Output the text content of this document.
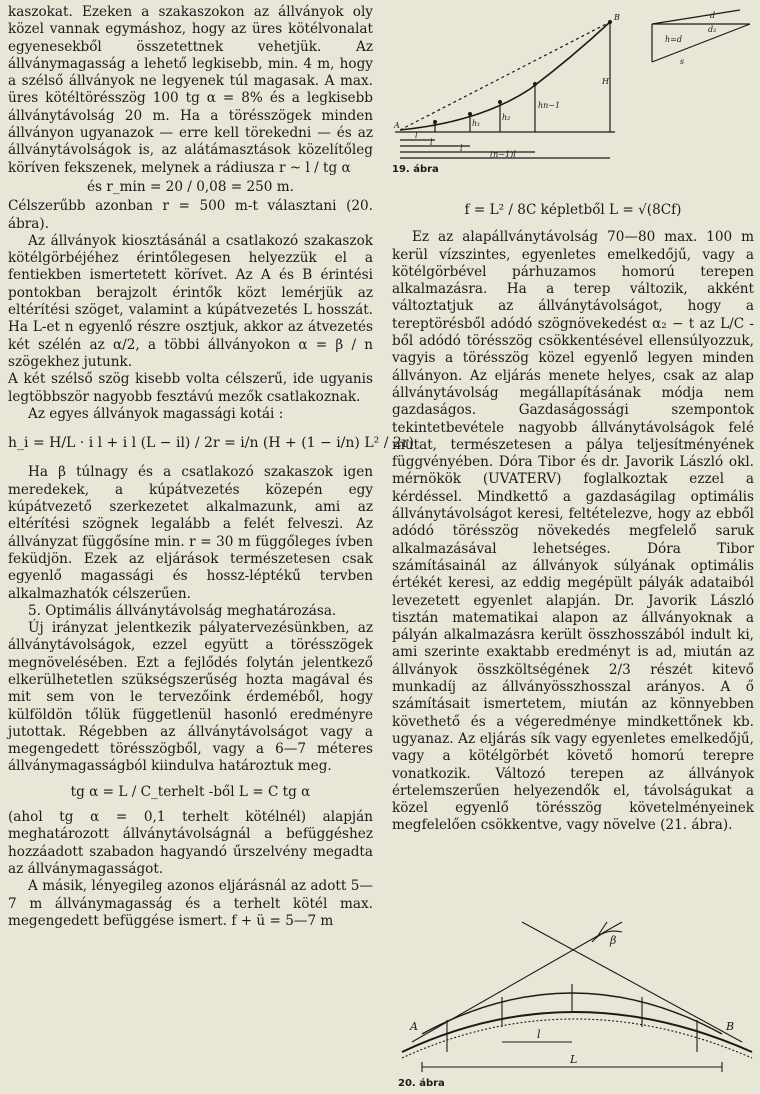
kaszokat. Ezeken a szakaszokon az állványok oly közel vannak egymáshoz, hogy az üres kötélvonalat egyenesekből összetettnek vehetjük. Az állványmagasság a lehető legkisebb, min. 4 m, hogy a szélső állványok ne legyenek túl magasak. A max. üres kötéltörésszög 100 tg α = 8% és a legkisebb állványtávolság 20 m. Ha a törésszögek minden állványon ugyanazok — erre kell törekedni — és az állványtávolságok is, az alátámasztások közelítőleg köríven fekszenek, melynek a rádiusza r ~ l / tg α

és r_min = 20 / 0,08 = 250 m.

Célszerűbb azonban r = 500 m-t választani (20. ábra).

Az állványok kiosztásánál a csatlakozó szakaszok kötélgörbéjéhez érintőlegesen helyezzük el a fentiekben ismertetett körívet. Az A és B érintési pontokban berajzolt érintők közt lemérjük az eltérítési szöget, valamint a kúpátvezetés L hosszát. Ha L-et n egyenlő részre osztjuk, akkor az átvezetés két szélén az α/2, a többi állványokon α = β / n szögekhez jutunk.

A két szélső szög kisebb volta célszerű, ide ugyanis legtöbbször nagyobb fesztávú mezők csatlakoznak.

Az egyes állványok magassági kotái :

h_i = H/L · i l + i l (L − il) / 2r = i/n (H + (1 − i/n) L² / 2r)

Ha β túlnagy és a csatlakozó szakaszok igen meredekek, a kúpátvezetés közepén egy kúpátvezető szerkezetet alkalmazunk, ami az eltérítési szögnek legalább a felét felveszi. Az állványzat függősíne min. r = 30 m függőleges ívben feküdjön. Ezek az eljárások természetesen csak egyenlő magassági és hossz-léptékű tervben alkalmazhatók célszerűen.

5. Optimális állványtávolság meghatározása.

Új irányzat jelentkezik pályatervezésünkben, az állványtávolságok, ezzel együtt a törésszögek megnövelésében. Ezt a fejlődés folytán jelentkező elkerülhetetlen szükségszerűség hozta magával és mit sem von le tervezőink érdeméből, hogy külföldön tőlük függetlenül hasonló eredményre jutottak. Régebben az állványtávolságot vagy a megengedett törésszögből, vagy a 6—7 méteres állványmagasságból kiindulva határoztuk meg.

tg α = L / C_terhelt -ből L = C tg α

(ahol tg α = 0,1 terhelt kötélnél) alapján meghatározott állványtávolságnál a befüggéshez hozzáadott szabadon hagyandó űrszelvény megadta az állványmagasságot.

A másik, lényegileg azonos eljárásnál az adott 5—7 m állványmagasság és a terhelt kötél max. megengedett befüggése ismert. f + ü = 5—7 m

A
B
h₁
h₂
hn−1
H
l
l
l
(n−1)l
h=d
d₂
d
s
19. ábra

f = L² / 8C képletből L = √(8Cf)

Ez az alapállványtávolság 70—80 max. 100 m kerül vízszintes, egyenletes emelkedőjű, vagy a kötélgörbével párhuzamos homorú terepen alkalmazásra. Ha a terep változik, akként változtatjuk az állványtávolságot, hogy a tereptörésből adódó szögnövekedést α₂ − t az L/C -ből adódó törésszög csökkentésével ellensúlyozzuk, vagyis a törésszög közel egyenlő legyen minden állványon. Az eljárás menete helyes, csak az alap állványtávolság megállapításának módja nem gazdaságos. Gazdaságossági szempontok tekintetbevétele nagyobb állványtávolságok felé mutat, természetesen a pálya teljesítményének függvényében. Dóra Tibor és dr. Javorik László okl. mérnökök (UVATERV) foglalkoztak ezzel a kérdéssel. Mindkettő a gazdaságilag optimális állványtávolságot keresi, feltételezve, hogy az ebből adódó törésszög növekedés megfelelő saruk alkalmazásával lehetséges. Dóra Tibor számításainál az állványok súlyának optimális értékét keresi, az eddig megépült pályák adataiból levezetett egyenlet alapján. Dr. Javorik László tisztán matematikai alapon az állványoknak a pályán alkalmazásra került összhosszából indult ki, ami szerinte exaktabb eredményt is ad, miután az állványok összköltségének 2/3 részét kitevő munkadíj az állványösszhosszal arányos. A ő számításait ismertetem, miután az könnyebben követhető és a végeredménye mindkettőnek kb. ugyanaz. Az eljárás sík vagy egyenletes emelkedőjű, vagy a kötélgörbét követő homorú terepre vonatkozik. Változó terepen az állványok értelemszerűen helyezendők el, távolságukat a közel egyenlő törésszög követelményeinek megfelelően csökkentve, vagy növelve (21. ábra).

β
A	B
l
L
20. ábra
